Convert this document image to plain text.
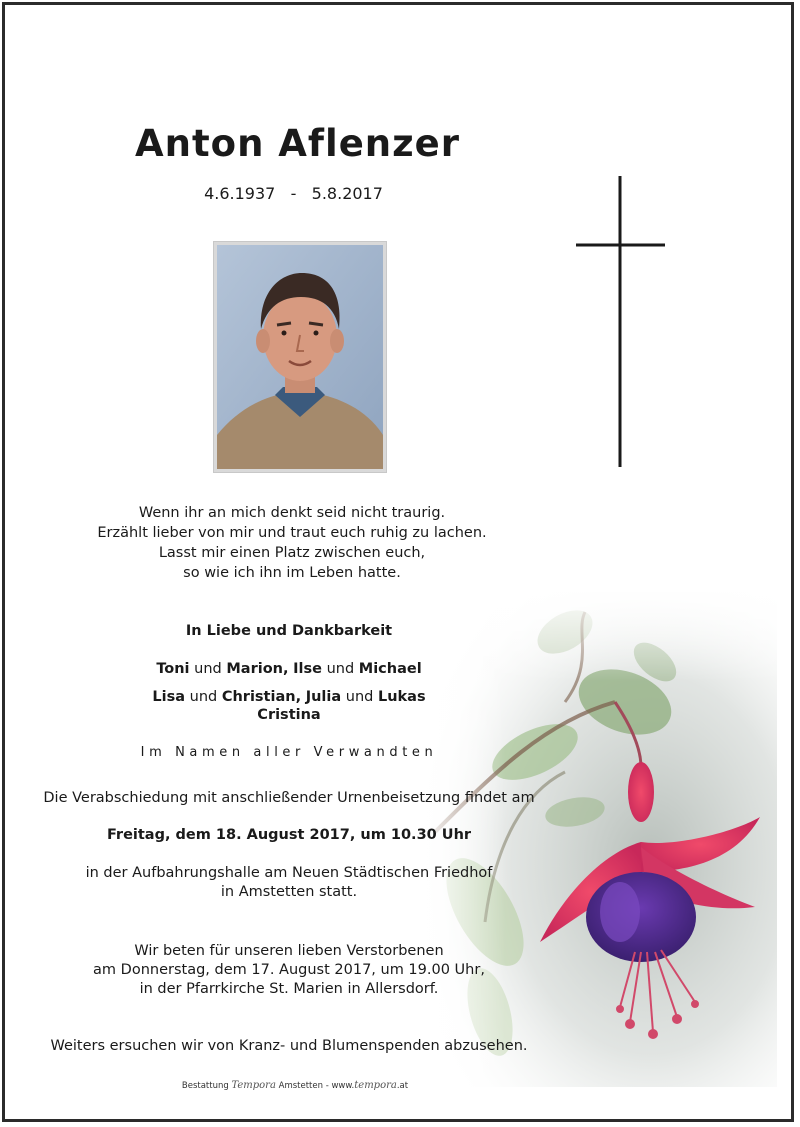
Anton Aflenzer
4.6.1937 - 5.8.2017
Wenn ihr an mich denkt seid nicht traurig.
Erzählt lieber von mir und traut euch ruhig zu lachen.
Lasst mir einen Platz zwischen euch,
so wie ich ihn im Leben hatte.
In Liebe und Dankbarkeit
Toni und Marion, Ilse und Michael
Lisa und Christian, Julia und Lukas
Cristina
Im Namen aller Verwandten
Die Verabschiedung mit anschließender Urnenbeisetzung findet am
Freitag, dem 18. August 2017, um 10.30 Uhr
in der Aufbahrungshalle am Neuen Städtischen Friedhof
in Amstetten statt.
Wir beten für unseren lieben Verstorbenen
am Donnerstag, dem 17. August 2017, um 19.00 Uhr,
in der Pfarrkirche St. Marien in Allersdorf.
Weiters ersuchen wir von Kranz- und Blumenspenden abzusehen.
Bestattung Tempora Amstetten - www.tempora.at
